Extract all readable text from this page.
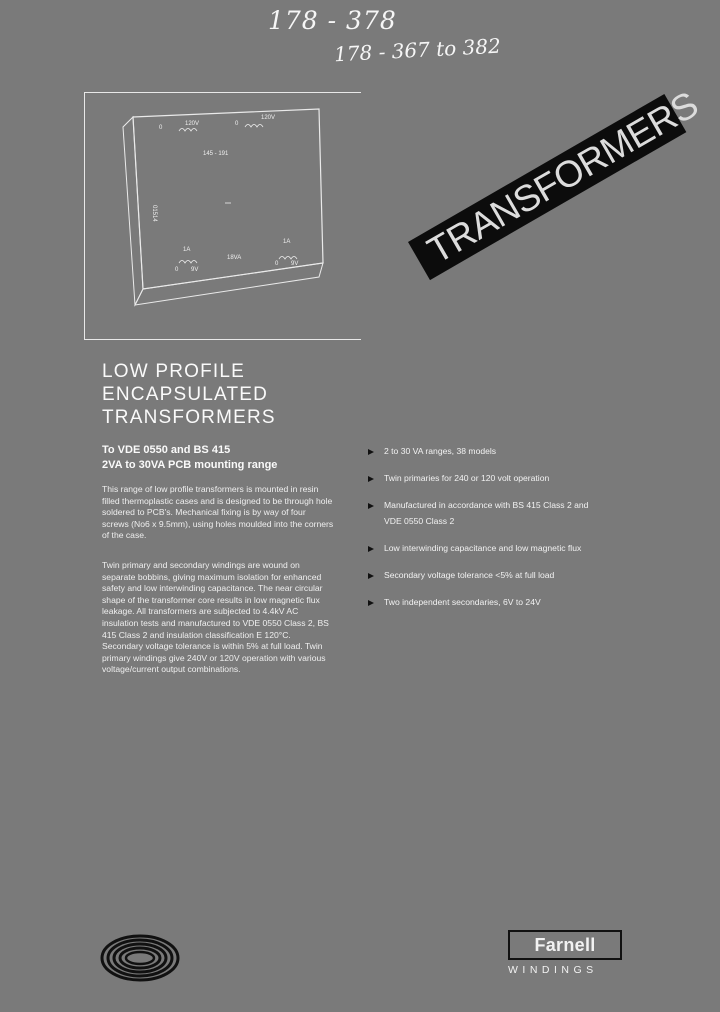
178 - 378
178 - 367 to 382
0
120V	0
120V
145 - 191
01514
1A
1A
18VA
0 9V
0 9V	TRANSFORMERS
LOW PROFILE
ENCAPSULATED
TRANSFORMERS
To VDE 0550 and BS 415
2VA to 30VA PCB mounting range
This range of low profile transformers is mounted in resin filled thermoplastic cases and is designed to be through hole soldered to PCB's. Mechanical fixing is by way of four screws (No6 x 9.5mm), using holes moulded into the corners of the case.
Twin primary and secondary windings are wound on separate bobbins, giving maximum isolation for enhanced safety and low interwinding capacitance. The near circular shape of the transformer core results in low magnetic flux leakage. All transformers are subjected to 4.4kV AC insulation tests and manufactured to VDE 0550 Class 2, BS 415 Class 2 and insulation classification E 120°C. Secondary voltage tolerance is within 5% at full load. Twin primary windings give 240V or 120V operation with various voltage/current output combinations.
2 to 30 VA ranges, 38 models
Twin primaries for 240 or 120 volt operation
Manufactured in accordance with BS 415 Class 2 and VDE 0550 Class 2
Low interwinding capacitance and low magnetic flux
Secondary voltage tolerance <5% at full load
Two independent secondaries, 6V to 24V
Farnell
WINDINGS
